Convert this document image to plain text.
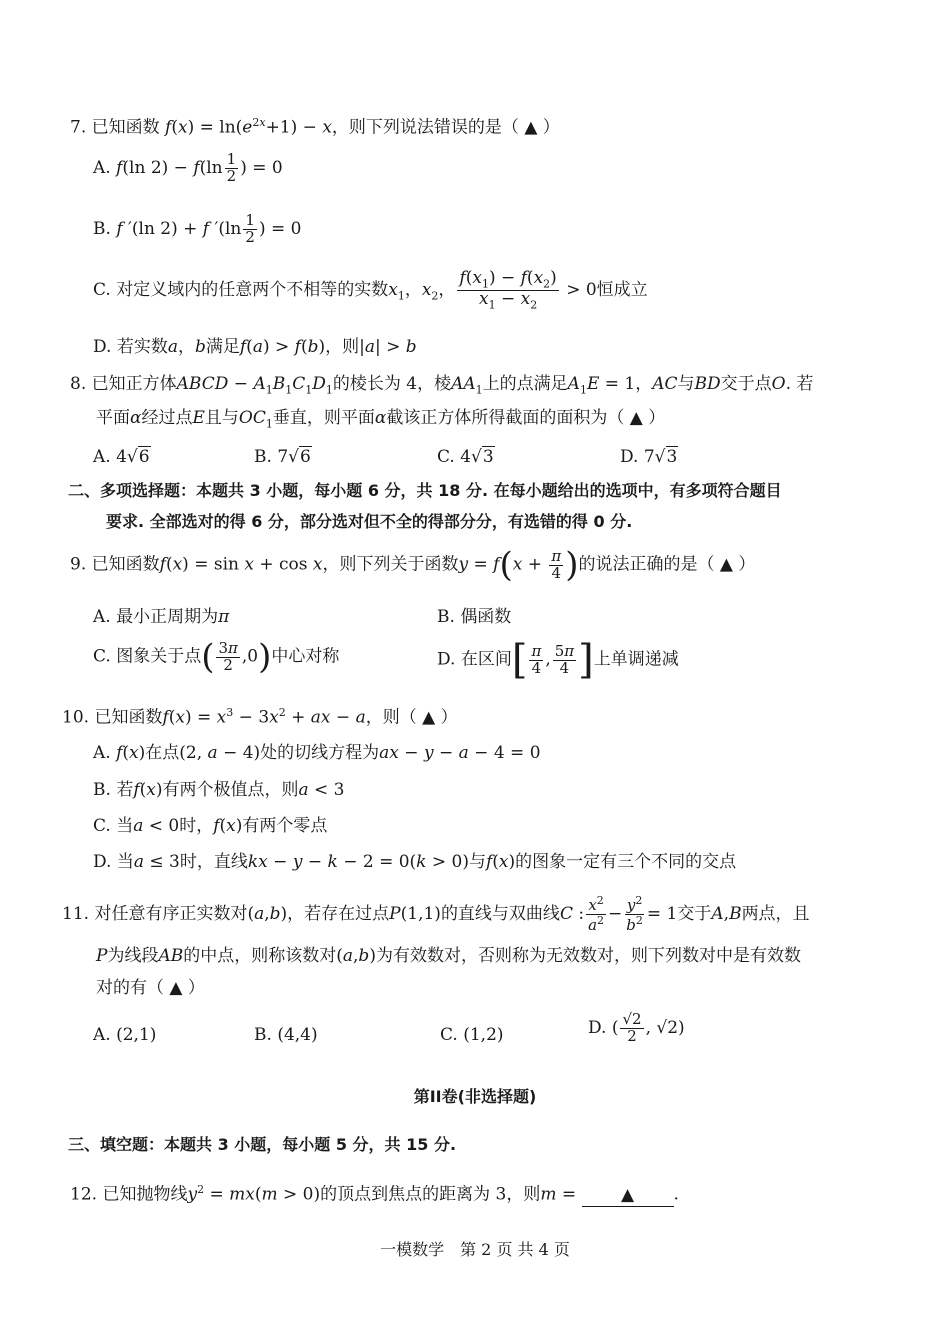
7. 已知函数 $f(x) = \ln(e^{2x}+1) - x$，则下列说法错误的是（ ▲ ）
A. f(ln $2) - f(\ln \frac{1}{2}$ ) = 0
B. f ′(ln 2) + f $'(\ln \frac{1}{2}$ ) = 0
C. 对定义域内的任意两个不相等的实数$x_1$，$x_2$， $\frac{f(x_1) - f(x_2)}{x_1 - x_2} > 0$恒成立
D. 若实数a，b满足f(a) > f(b)，则|a| > b
8. 已知正方体ABCD − $A_1B_1C_1D_1$的棱长为 4，棱$AA_1$上的点满足$A_1E = 1$，AC与BD交于点O. 若
平面α经过点E且与$OC_1$垂直，则平面α截该正方体所得截面的面积为（ ▲ ）
A. 4√6	B. 7√6	C. 4√3	D. 7√3
二、多项选择题：本题共 3 小题，每小题 6 分，共 18 分. 在每小题给出的选项中，有多项符合题目
要求. 全部选对的得 6 分，部分选对但不全的得部分分，有选错的得 0 分.
9. 已知函数f(x) = sin x + cos x，则下列关于函数$y = f(x + \frac{\pi}{4}$ )的说法正确的是（ ▲ ）
A. 最小正周期为π	B. 偶函数
C. 图象关于点( $\frac{3\pi}{2} ,0$)中心对称	D. 在区间[ $\frac{\pi}{4}$ , $\frac{5\pi}{4}$ ]上单调递减
10. 已知函数$f(x) = x^3 - 3x^2$ + ax − a，则（ ▲ ）
A. f(x)在点(2, a − 4)处的切线方程为ax − y − a − 4 = 0
B. 若f(x)有两个极值点，则a < 3
C. 当a < 0时，f(x)有两个零点
D. 当a ≤ 3时，直线kx − y − k − 2 = 0(k > 0)与f(x)的图象一定有三个不同的交点
11. 对任意有序正实数对(a,b)，若存在过点P(1,1)的直线与双曲线C : $\frac{x^2}{a^2} - \frac{y^2}{b^2} = 1$交于A,B两点，且
P为线段AB的中点，则称该数对(a,b)为有效数对，否则称为无效数对，则下列数对中是有效数
对的有（ ▲ ）
A. (2,1)	B. (4,4)	C. (1,2)	D. ( $\frac{√2}{2}$ , √2)
第II卷(非选择题)
三、填空题：本题共 3 小题，每小题 5 分，共 15 分.
12. 已知抛物线$y^2 = mx(m > 0)$的顶点到焦点的距离为 3，则m = ▲ .
一模数学　第 2 页 共 4 页
